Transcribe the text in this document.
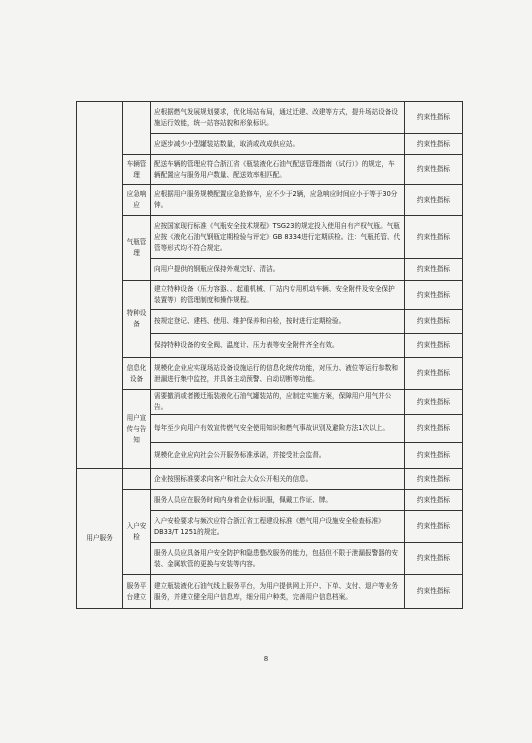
		应根据燃气发展规划要求，优化场站布局，通过迁建、改建等方式，提升场站设备设施运行效能，统一站容站貌和形象标识。	约束性指标
		应逐步减少小型罐装站数量，取消或改成供应站。	约束性指标
	车辆管理	配送车辆的管理应符合浙江省《瓶装液化石油气配送管理指南（试行）》的规定，车辆配置应与服务用户数量、配送效率相匹配。	约束性指标
	应急响应	应根据用户服务规模配置应急抢修车，应不少于2辆，应急响应时间应小于等于30分钟。	约束性指标
	气瓶管理	应按国家现行标准《气瓶安全技术规程》TSG23的规定投入使用自有产权气瓶。气瓶应按《液化石油气钢瓶定期检验与评定》GB 8334进行定期质检。注：气瓶托管、代管等形式均不符合规定。	约束性指标
		向用户提供的钢瓶应保持外观完好、清洁。	约束性指标
	特种设备	建立特种设备（压力容器、、起重机械、厂站内专用机动车辆、安全附件及安全保护装置等）的管理制度和操作规程。	约束性指标
		按规定登记、建档、使用、维护保养和自检，按时进行定期检验。	约束性指标
		保持特种设备的安全阀、温度计、压力表等安全附件齐全有效。	约束性指标
	信息化设备	规模化企业应实现场站设备设施运行的信息化统传功能，对压力、液位等运行参数和泄漏进行集中监控，并具备主动预警、自动切断等功能。	约束性指标
	用户宣传与告知	需要撤消或者搬迁瓶装液化石油气罐装站的，应制定实施方案，保障用户用气并公告。	约束性指标
		每年至少向用户有效宣传燃气安全使用知识和燃气事故识别及避险方法1次以上。	约束性指标
		规模化企业应向社会公开服务标准承诺，并接受社会监督。	约束性指标
用户服务		企业按照标准要求向客户和社会大众公开相关的信息。	约束性指标
	入户安检	服务人员应在服务时间内身着企业标识服，佩戴工作证、牌。	约束性指标
		入户安检要求与频次应符合浙江省工程建设标准《燃气用户设施安全检查标准》DB33/T 1251的规定。	约束性指标
		服务人员应具备用户安全防护和隐患整改服务的能力，包括但不限于泄漏报警器的安装、金属软管的更换与安装等内容。	约束性指标
	服务平台建立	建立瓶装液化石油气线上服务平台，为用户提供网上开户、下单、支付、退户等业务服务，并建立健全用户信息库，细分用户种类，完善用户信息档案。	约束性指标
8
